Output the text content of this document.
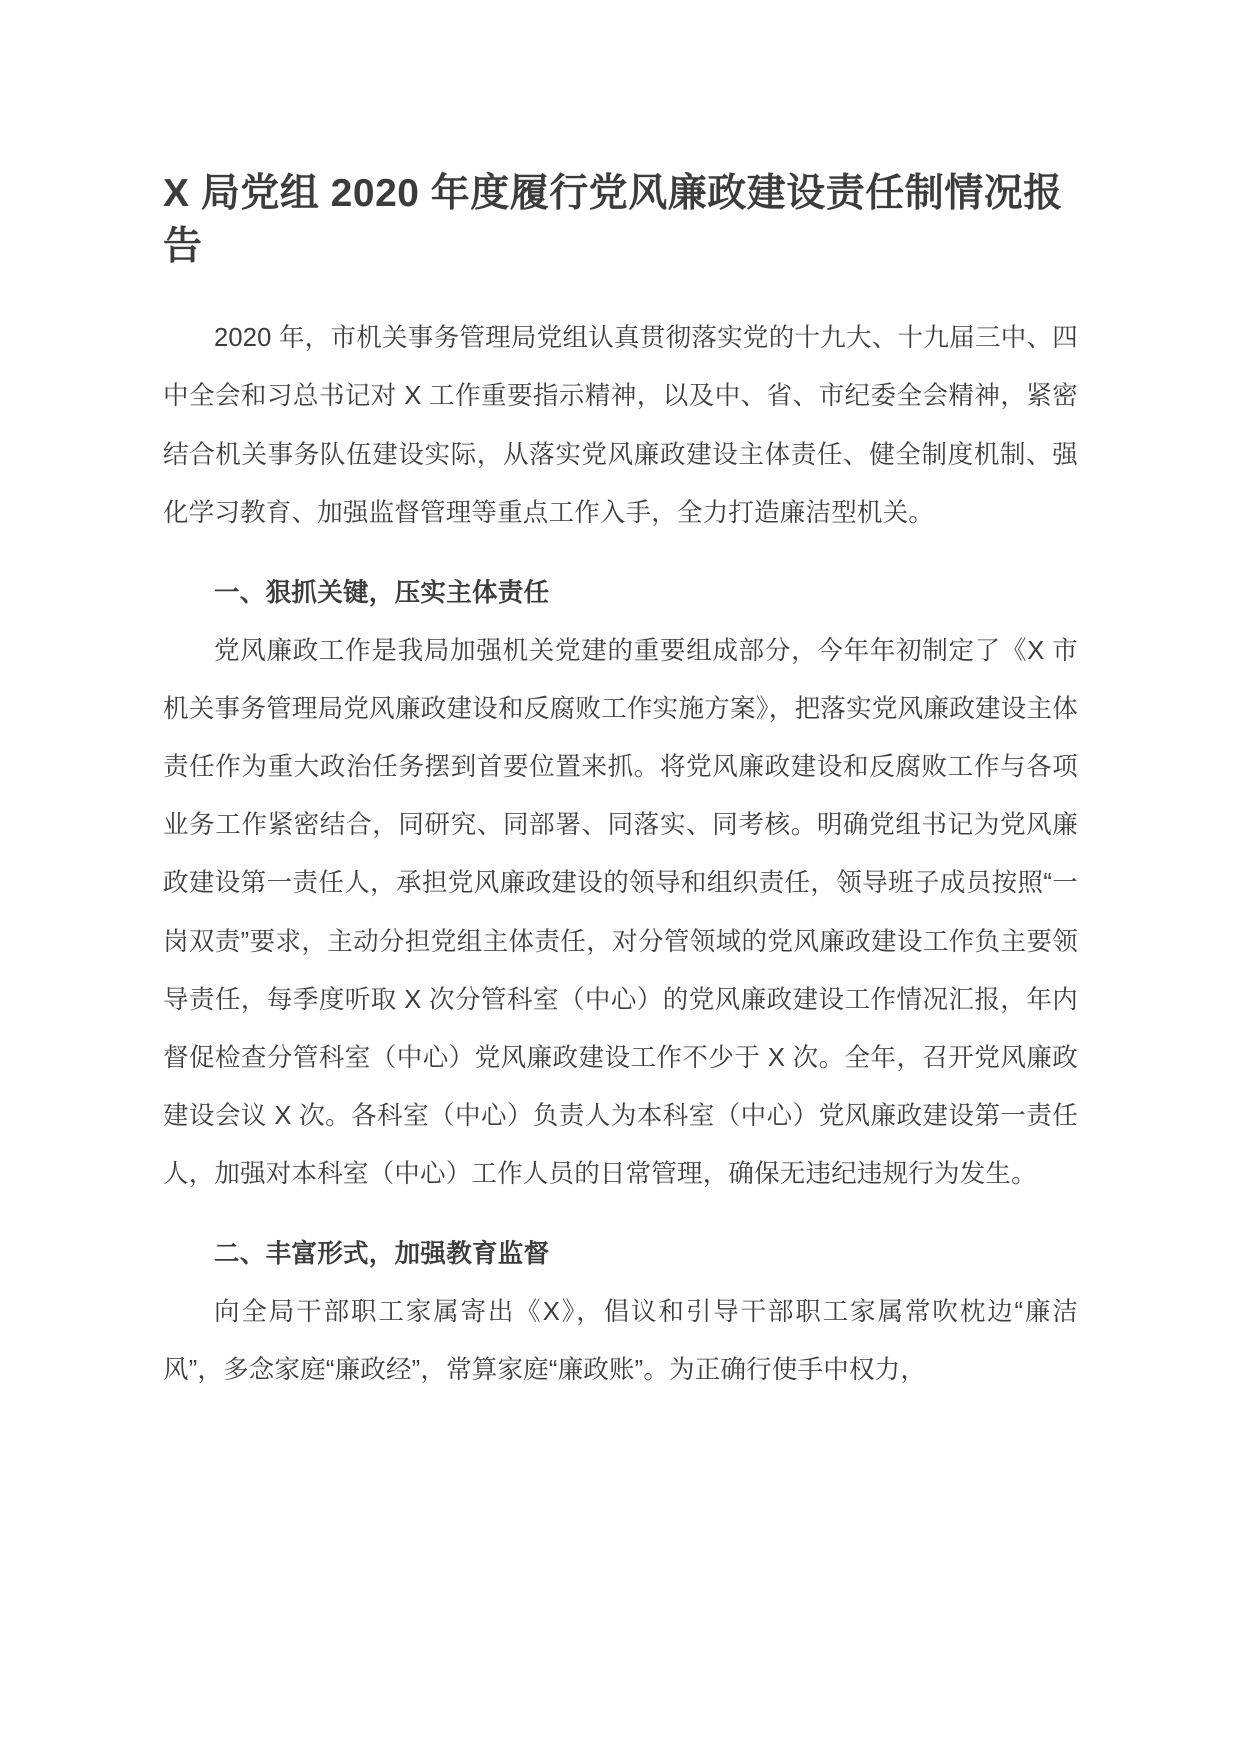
X 局党组 2020 年度履行党风廉政建设责任制情况报告

2020 年，市机关事务管理局党组认真贯彻落实党的十九大、十九届三中、四中全会和习总书记对 X 工作重要指示精神，以及中、省、市纪委全会精神，紧密结合机关事务队伍建设实际，从落实党风廉政建设主体责任、健全制度机制、强化学习教育、加强监督管理等重点工作入手，全力打造廉洁型机关。

一、狠抓关键，压实主体责任

党风廉政工作是我局加强机关党建的重要组成部分，今年年初制定了《X 市机关事务管理局党风廉政建设和反腐败工作实施方案》，把落实党风廉政建设主体责任作为重大政治任务摆到首要位置来抓。将党风廉政建设和反腐败工作与各项业务工作紧密结合，同研究、同部署、同落实、同考核。明确党组书记为党风廉政建设第一责任人，承担党风廉政建设的领导和组织责任，领导班子成员按照“一岗双责”要求，主动分担党组主体责任，对分管领域的党风廉政建设工作负主要领导责任，每季度听取 X 次分管科室（中心）的党风廉政建设工作情况汇报，年内督促检查分管科室（中心）党风廉政建设工作不少于 X 次。全年，召开党风廉政建设会议 X 次。各科室（中心）负责人为本科室（中心）党风廉政建设第一责任人，加强对本科室（中心）工作人员的日常管理，确保无违纪违规行为发生。

二、丰富形式，加强教育监督

向全局干部职工家属寄出《X》，倡议和引导干部职工家属常吹枕边“廉洁风”，多念家庭“廉政经”，常算家庭“廉政账”。为正确行使手中权力，
